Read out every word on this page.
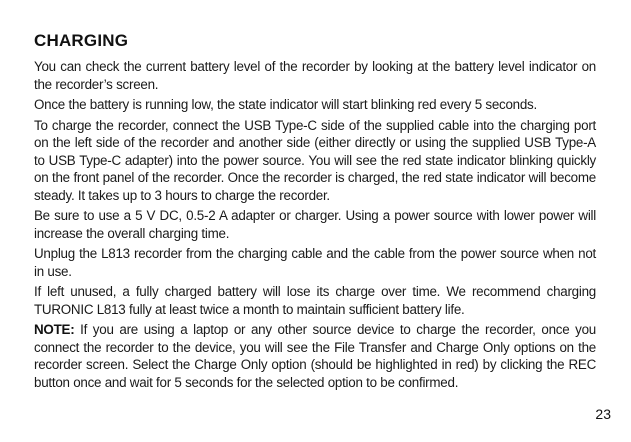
CHARGING

You can check the current battery level of the recorder by looking at the battery level indicator on the recorder’s screen.

Once the battery is running low, the state indicator will start blinking red every 5 seconds.

To charge the recorder, connect the USB Type-C side of the supplied cable into the charging port on the left side of the recorder and another side (either directly or using the supplied USB Type-A to USB Type-C adapter) into the power source. You will see the red state indicator blinking quickly on the front panel of the recorder. Once the recorder is charged, the red state indicator will become steady. It takes up to 3 hours to charge the recorder.

Be sure to use a 5 V DC, 0.5-2 A adapter or charger. Using a power source with lower power will increase the overall charging time.

Unplug the L813 recorder from the charging cable and the cable from the power source when not in use.

If left unused, a fully charged battery will lose its charge over time. We recommend charging TURONIC L813 fully at least twice a month to maintain sufficient battery life.

NOTE: If you are using a laptop or any other source device to charge the recorder, once you connect the recorder to the device, you will see the File Transfer and Charge Only options on the recorder screen. Select the Charge Only option (should be highlighted in red) by clicking the REC button once and wait for 5 seconds for the selected option to be confirmed.

23
